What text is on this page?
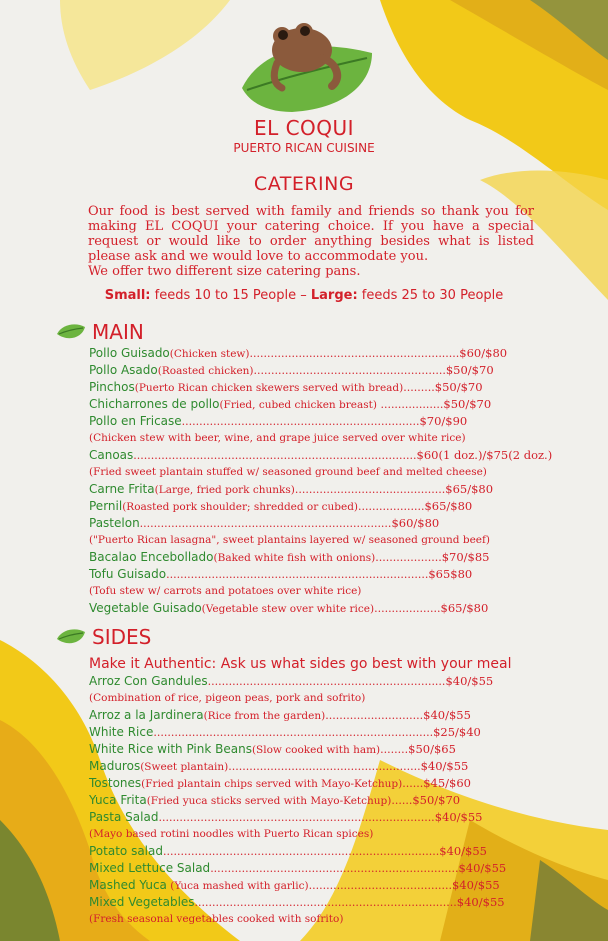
EL COQUI
PUERTO RICAN CUISINE
CATERING

Our food is best served with family and friends so thank you for making EL COQUI your catering choice. If you have a special request or would like to order anything besides what is listed please ask and we would love to accommodate you.

We offer two different size catering pans.

Small: feeds 10 to 15 People – Large: feeds 25 to 30 People
MAIN
Pollo Guisado(Chicken stew)............................................................$60/$80
Pollo Asado(Roasted chicken).......................................................$50/$70
Pinchos(Puerto Rican chicken skewers served with bread).........$50/$70
Chicharrones de pollo(Fried, cubed chicken breast) ..................$50/$70
Pollo en Fricase....................................................................$70/$90
(Chicken stew with beer, wine, and grape juice served over white rice)
Canoas.................................................................................$60(1 doz.)/$75(2 doz.)
(Fried sweet plantain stuffed w/ seasoned ground beef and melted cheese)
Carne Frita(Large, fried pork chunks)...........................................$65/$80
Pernil(Roasted pork shoulder; shredded or cubed)...................$65/$80
Pastelon........................................................................$60/$80
("Puerto Rican lasagna", sweet plantains layered w/ seasoned ground beef)
Bacalao Encebollado(Baked white fish with onions)...................$70/$85
Tofu Guisado...........................................................................$65$80
(Tofu stew w/ carrots and potatoes over white rice)
Vegetable Guisado(Vegetable stew over white rice)...................$65/$80
SIDES
Make it Authentic: Ask us what sides go best with your meal
Arroz Con Gandules....................................................................$40/$55
(Combination of rice, pigeon peas, pork and sofrito)
Arroz a la Jardinera(Rice from the garden)............................$40/$55
White Rice................................................................................$25/$40
White Rice with Pink Beans(Slow cooked with ham)........$50/$65
Maduros(Sweet plantain).......................................................$40/$55
Tostones(Fried plantain chips served with Mayo-Ketchup)......$45/$60
Yuca Frita(Fried yuca sticks served with Mayo-Ketchup)......$50/$70
Pasta Salad...............................................................................$40/$55
(Mayo based rotini noodles with Puerto Rican spices)
Potato salad...............................................................................$40/$55
Mixed Lettuce Salad.......................................................................$40/$55
Mashed Yuca (Yuca mashed with garlic).........................................$40/$55
Mixed Vegetables...........................................................................$40/$55
(Fresh seasonal vegetables cooked with sofrito)
